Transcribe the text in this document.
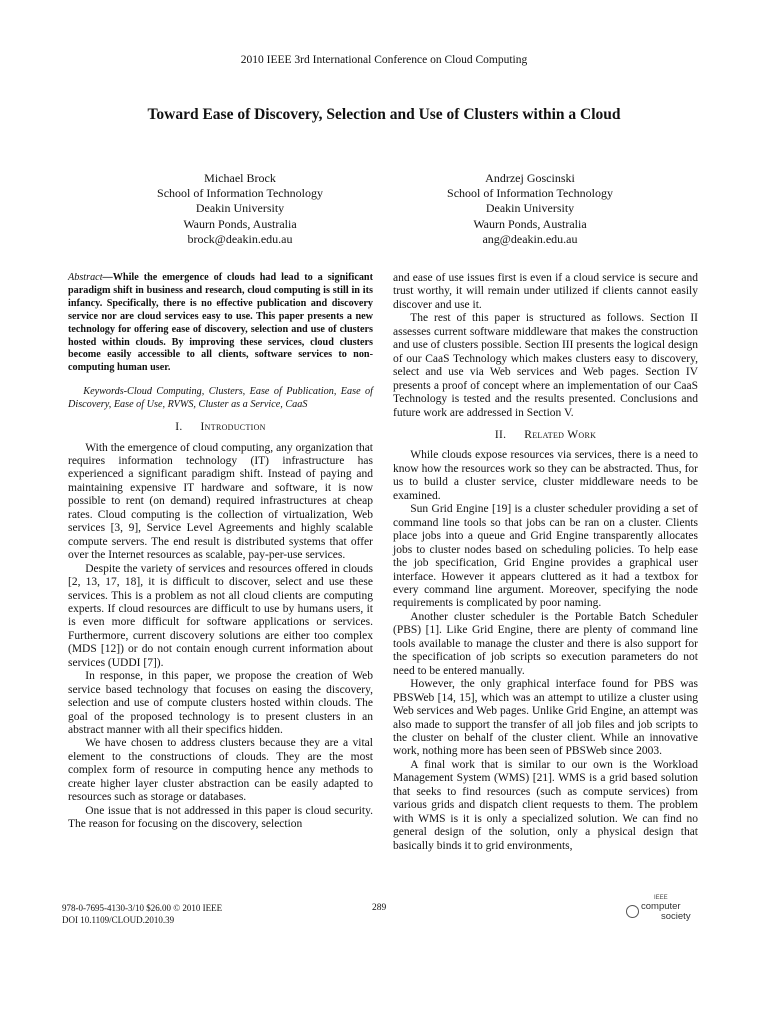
2010 IEEE 3rd International Conference on Cloud Computing
Toward Ease of Discovery, Selection and Use of Clusters within a Cloud
Michael Brock
School of Information Technology
Deakin University
Waurn Ponds, Australia
brock@deakin.edu.au
Andrzej Goscinski
School of Information Technology
Deakin University
Waurn Ponds, Australia
ang@deakin.edu.au

Abstract—While the emergence of clouds had lead to a significant paradigm shift in business and research, cloud computing is still in its infancy. Specifically, there is no effective publication and discovery service nor are cloud services easy to use. This paper presents a new technology for offering ease of discovery, selection and use of clusters hosted within clouds. By improving these services, cloud clusters become easily accessible to all clients, software services to non-computing human user.

Keywords-Cloud Computing, Clusters, Ease of Publication, Ease of Discovery, Ease of Use, RVWS, Cluster as a Service, CaaS

I. Introduction

With the emergence of cloud computing, any organization that requires information technology (IT) infrastructure has experienced a significant paradigm shift. Instead of paying and maintaining expensive IT hardware and software, it is now possible to rent (on demand) required infrastructures at cheap rates. Cloud computing is the collection of virtualization, Web services [3, 9], Service Level Agreements and highly scalable compute servers. The end result is distributed systems that offer over the Internet resources as scalable, pay-per-use services.

Despite the variety of services and resources offered in clouds [2, 13, 17, 18], it is difficult to discover, select and use these services. This is a problem as not all cloud clients are computing experts. If cloud resources are difficult to use by humans users, it is even more difficult for software applications or services. Furthermore, current discovery solutions are either too complex (MDS [12]) or do not contain enough current information about services (UDDI [7]).

In response, in this paper, we propose the creation of Web service based technology that focuses on easing the discovery, selection and use of compute clusters hosted within clouds. The goal of the proposed technology is to present clusters in an abstract manner with all their specifics hidden.

We have chosen to address clusters because they are a vital element to the constructions of clouds. They are the most complex form of resource in computing hence any methods to create higher layer cluster abstraction can be easily adapted to resources such as storage or databases.

One issue that is not addressed in this paper is cloud security. The reason for focusing on the discovery, selection

and ease of use issues first is even if a cloud service is secure and trust worthy, it will remain under utilized if clients cannot easily discover and use it.

The rest of this paper is structured as follows. Section II assesses current software middleware that makes the construction and use of clusters possible. Section III presents the logical design of our CaaS Technology which makes clusters easy to discovery, select and use via Web services and Web pages. Section IV presents a proof of concept where an implementation of our CaaS Technology is tested and the results presented. Conclusions and future work are addressed in Section V.

II. Related Work

While clouds expose resources via services, there is a need to know how the resources work so they can be abstracted. Thus, for us to build a cluster service, cluster middleware needs to be examined.

Sun Grid Engine [19] is a cluster scheduler providing a set of command line tools so that jobs can be ran on a cluster. Clients place jobs into a queue and Grid Engine transparently allocates jobs to cluster nodes based on scheduling policies. To help ease the job specification, Grid Engine provides a graphical user interface. However it appears cluttered as it had a textbox for every command line argument. Moreover, specifying the node requirements is complicated by poor naming.

Another cluster scheduler is the Portable Batch Scheduler (PBS) [1]. Like Grid Engine, there are plenty of command line tools available to manage the cluster and there is also support for the specification of job scripts so execution parameters do not need to be entered manually.

However, the only graphical interface found for PBS was PBSWeb [14, 15], which was an attempt to utilize a cluster using Web services and Web pages. Unlike Grid Engine, an attempt was also made to support the transfer of all job files and job scripts to the cluster on behalf of the cluster client. While an innovative work, nothing more has been seen of PBSWeb since 2003.

A final work that is similar to our own is the Workload Management System (WMS) [21]. WMS is a grid based solution that seeks to find resources (such as compute services) from various grids and dispatch client requests to them. The problem with WMS is it is only a specialized solution. We can find no general design of the solution, only a physical design that basically binds it to grid environments,

978-0-7695-4130-3/10 $26.00 © 2010 IEEE
DOI 10.1109/CLOUD.2010.39
289
IEEE
computer
society
